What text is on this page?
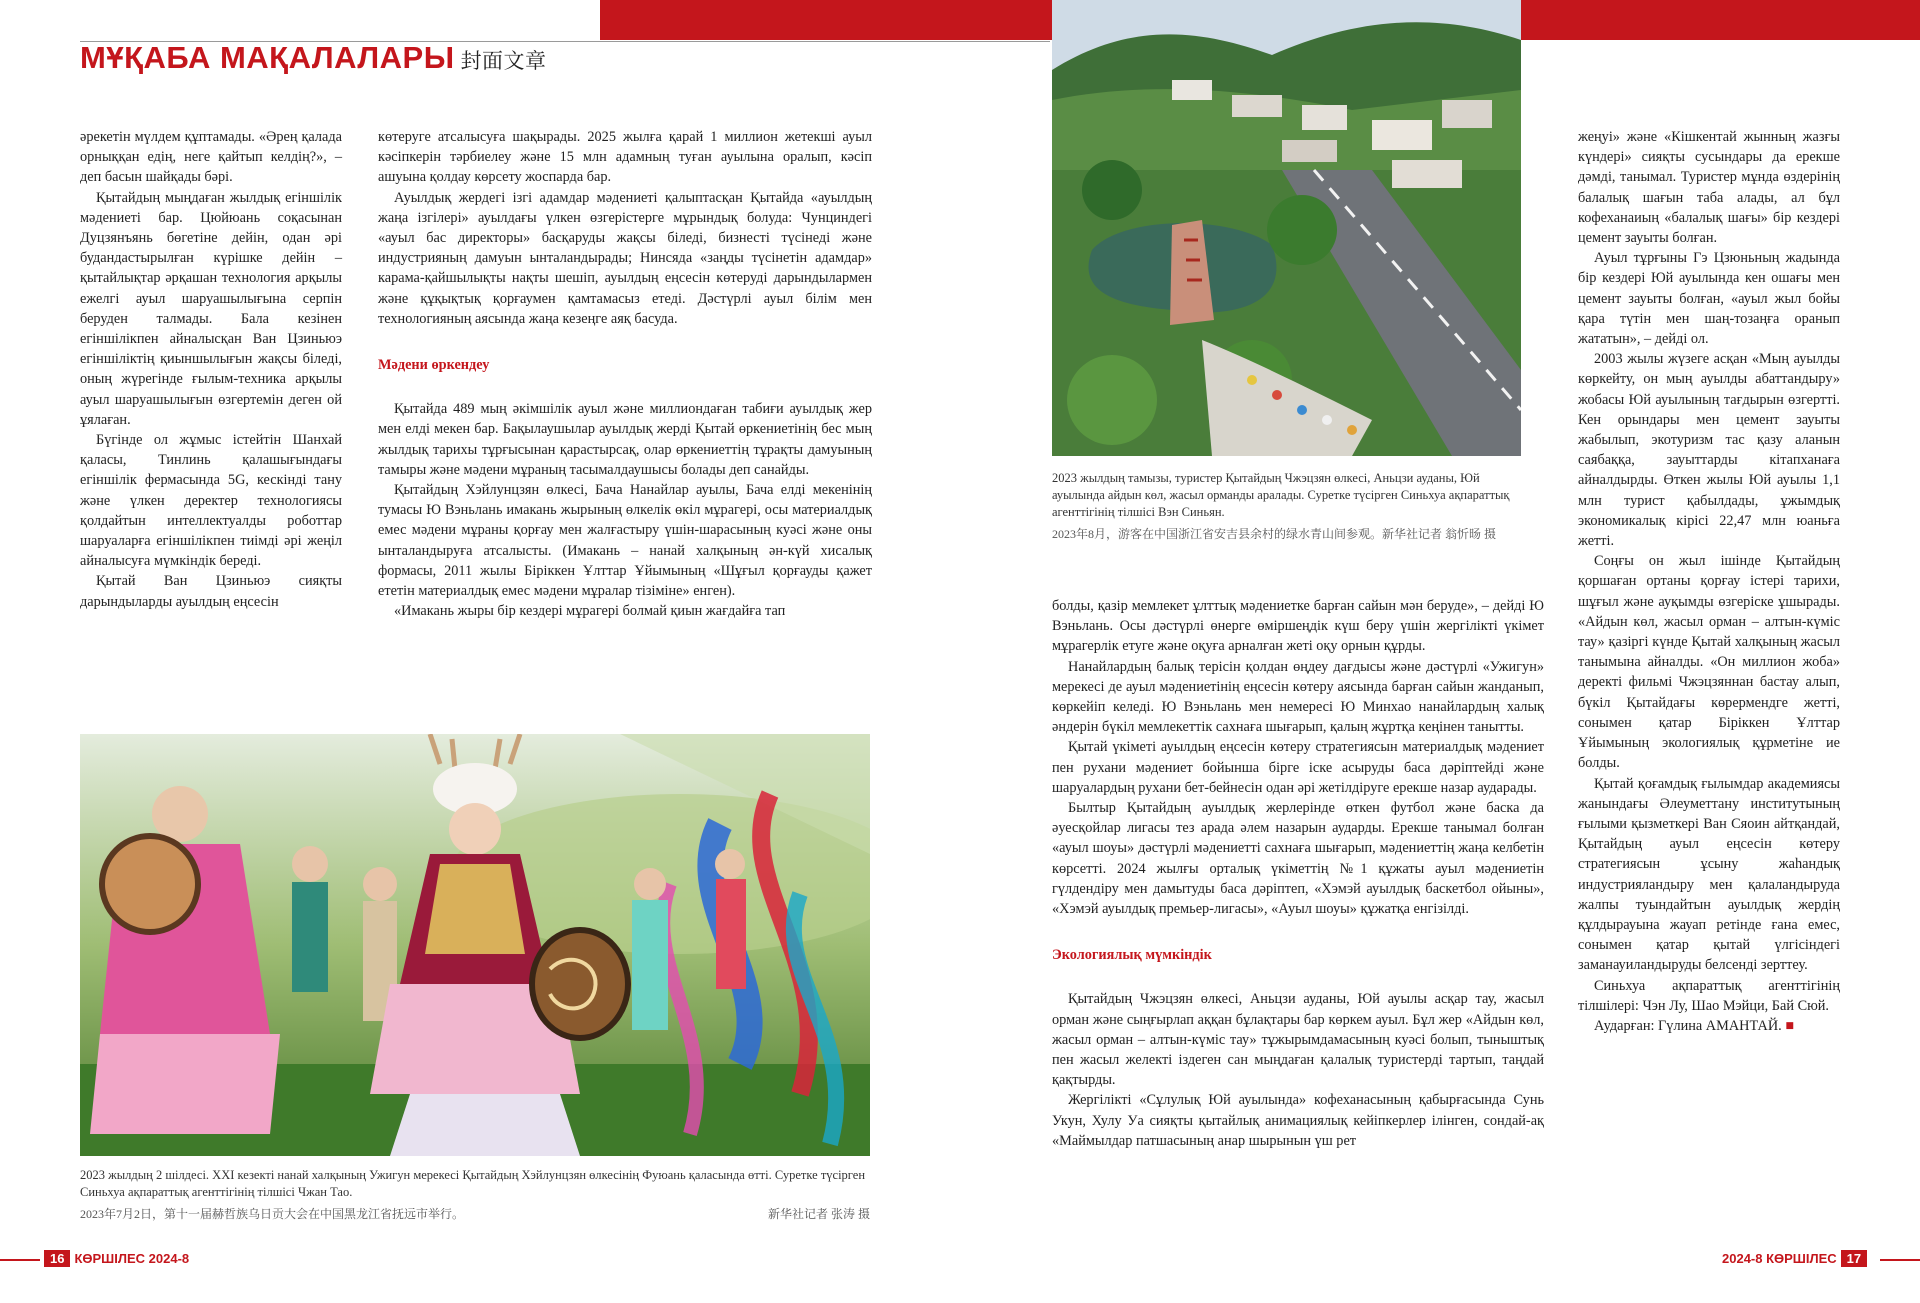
МҰҚАБА МАҚАЛАЛАРЫ 封面文章

әрекетін мүлдем құптамады. «Әрең қалада орныққан едің, неге қайтып келдің?», – деп басын шайқады бәрі.

Қытайдың мыңдаған жылдық егіншілік мәдениеті бар. Цюйюань соқасынан Дуцзянъянь бөгетіне дейін, одан әрі будандастырылған күрішке дейін – қытайлықтар әрқашан технология арқылы ежелгі ауыл шаруашылығына серпін беруден талмады. Бала кезінен егіншілікпен айналысқан Ван Цзиньюэ егіншіліктің қиыншылығын жақсы біледі, оның жүрегінде ғылым-техника арқылы ауыл шаруашылығын өзгертемін деген ой ұялаған.

Бүгінде ол жұмыс істейтін Шанхай қаласы, Тинлинь қалашығындағы егіншілік фермасында 5G, кескінді тану және үлкен деректер технологиясы қолдайтын интеллектуалды роботтар шаруаларға егіншілікпен тиімді әрі жеңіл айналысуға мүмкіндік береді.

Қытай Ван Цзиньюэ сияқты дарындыларды ауылдың еңсесін

көтеруге атсалысуға шақырады. 2025 жылға қарай 1 миллион жетекші ауыл кәсіпкерін тәрбиелеу және 15 млн адамның туған ауылына оралып, кәсіп ашуына қолдау көрсету жоспарда бар.

Ауылдық жердегі ізгі адамдар мәдениеті қалыптасқан Қытайда «ауылдың жаңа ізгілері» ауылдағы үлкен өзгерістерге мұрындық болуда: Чунциндегі «ауыл бас директоры» басқаруды жақсы біледі, бизнесті түсінеді және индустрияның дамуын ынталандырады; Нинсяда «заңды түсінетін адамдар» карама-қайшылықты нақты шешіп, ауылдың еңсесін көтеруді дарындылармен және құқықтық қорғаумен қамтамасыз етеді. Дәстүрлі ауыл білім мен технологияның аясында жаңа кезеңге аяқ басуда.

Мәдени өркендеу

Қытайда 489 мың әкімшілік ауыл және миллиондаған табиғи ауылдық жер мен елді мекен бар. Бақылаушылар ауылдық жерді Қытай өркениетінің бес мың жылдық тарихы тұрғысынан қарастырсақ, олар өркениеттің тұрақты дамуының тамыры және мәдени мұраның тасымалдаушысы болады деп санайды.

Қытайдың Хэйлунцзян өлкесі, Бача Нанайлар ауылы, Бача елді мекенінің тумасы Ю Вэньлань имакань жырының өлкелік өкіл мұрагері, осы материалдық емес мәдени мұраны қорғау мен жалғастыру үшін-шарасының куәсі және оны ынталандыруға атсалысты. (Имакань – нанай халқының ән-күй хисалық формасы, 2011 жылы Біріккен Ұлттар Ұйымының «Шұғыл қорғауды қажет ететін материалдық емес мәдени мұралар тізіміне» енген).

«Имакань жыры бір кездері мұрагері болмай қиын жағдайға тап

2023 жылдың 2 шілдесі. XXI кезекті нанай халқының Ужигун мерекесі Қытайдың Хэйлунцзян өлкесінің Фуюань қаласында өтті. Суретке түсірген Синьхуа ақпараттық агенттігінің тілшісі Чжан Тао.
2023年7月2日，第十一届赫哲族乌日贡大会在中国黑龙江省抚远市举行。	新华社记者 张涛 摄
2023 жылдың тамызы, туристер Қытайдың Чжэцзян өлкесі, Аньцзи ауданы, Юй ауылында айдын көл, жасыл орманды аралады. Суретке түсірген Синьхуа ақпараттық агенттігінің тілшісі Вэн Синьян.
2023年8月，游客在中国浙江省安吉县余村的绿水青山间参观。新华社记者 翁忻旸 摄

болды, қазір мемлекет ұлттық мәдениетке барған сайын мән беруде», – дейді Ю Вэньлань. Осы дәстүрлі өнерге өміршеңдік күш беру үшін жергілікті үкімет мұрагерлік етуге және оқуға арналған жеті оқу орнын құрды.

Нанайлардың балық терісін қолдан өңдеу дағдысы және дәстүрлі «Ужигун» мерекесі де ауыл мәдениетінің еңсесін көтеру аясында барған сайын жанданып, көркейіп келеді. Ю Вэньлань мен немересі Ю Минхао нанайлардың халық әндерін бүкіл мемлекеттік сахнаға шығарып, қалың жұртқа кеңінен танытты.

Қытай үкіметі ауылдың еңсесін көтеру стратегиясын материалдық мәдениет пен рухани мәдениет бойынша бірге іске асыруды баса дәріптейді және шаруалардың рухани бет-бейнесін одан әрі жетілдіруге ерекше назар аударады.

Былтыр Қытайдың ауылдық жерлерінде өткен футбол және баска да әуесқойлар лигасы тез арада әлем назарын аударды. Ерекше танымал болған «ауыл шоуы» дәстүрлі мәдениетті сахнаға шығарып, мәдениеттің жаңа келбетін көрсетті. 2024 жылғы орталық үкіметтің №1 құжаты ауыл мәдениетін гүлдендіру мен дамытуды баса дәріптеп, «Хэмэй ауылдық баскетбол ойыны», «Хэмэй ауылдық премьер-лигасы», «Ауыл шоуы» құжатқа енгізілді.

Экологиялық мүмкіндік

Қытайдың Чжэцзян өлкесі, Аньцзи ауданы, Юй ауылы асқар тау, жасыл орман және сыңғырлап аққан бұлақтары бар көркем ауыл. Бұл жер «Айдын көл, жасыл орман – алтын-күміс тау» тұжырымдамасының куәсі болып, тыныштық пен жасыл желекті іздеген сан мыңдаған қалалық туристерді тартып, таңдай қақтырды.

Жергілікті «Сұлулық Юй ауылында» кофеханасының қабырғасында Сунь Укун, Хулу Уа сияқты қытайлық анимациялық кейіпкерлер ілінген, сондай-ақ «Маймылдар патшасының анар шырынын үш рет

жеңуі» және «Кішкентай жынның жазғы күндері» сияқты сусындары да ерекше дәмді, танымал. Туристер мұнда өздерінің балалық шағын таба алады, ал бұл кофеханаиың «балалық шағы» бір кездері цемент зауыты болған.

Ауыл тұрғыны Гэ Цзюньның жадында бір кездері Юй ауылында кен ошағы мен цемент зауыты болған, «ауыл жыл бойы қара түтін мен шаң-тозаңға оранып жататын», – дейді ол.

2003 жылы жүзеге асқан «Мың ауылды көркейту, он мың ауылды абаттандыру» жобасы Юй ауылының тағдырын өзгертті. Кен орындары мен цемент зауыты жабылып, экотуризм тас қазу аланын саябаққа, зауыттарды кітапханаға айналдырды. Өткен жылы Юй ауылы 1,1 млн турист қабылдады, ұжымдық экономикалық кірісі 22,47 млн юаньға жетті.

Соңғы он жыл ішінде Қытайдың қоршаған ортаны қорғау істері тарихи, шұғыл және ауқымды өзгеріске ұшырады. «Айдын көл, жасыл орман – алтын-күміс тау» қазіргі күнде Қытай халқының жасыл танымына айналды. «Он миллион жоба» деректі фильмі Чжэцзяннан бастау алып, бүкіл Қытайдағы көрермендге жетті, сонымен қатар Біріккен Ұлттар Ұйымының экологиялық құрметіне ие болды.

Қытай қоғамдық ғылымдар академиясы жанындағы Әлеуметтану институтының ғылыми қызметкері Ван Сяоин айтқандай, Қытайдың ауыл еңсесін көтеру стратегиясын ұсыну жаһандық индустрияландыру мен қалаландыруда жалпы туындайтын ауылдық жердің құлдырауына жауап ретінде ғана емес, сонымен қатар қытай үлгісіндегі заманауиландыруды белсенді зерттеу.

Синьхуа ақпараттық агенттігінің тілшілері: Чэн Лу, Шао Мэйци, Бай Сюй.

Аударған: Гүлина АМАНТАЙ. ■

16 КӨРШІЛЕС 2024-8	2024-8 КӨРШІЛЕС 17
